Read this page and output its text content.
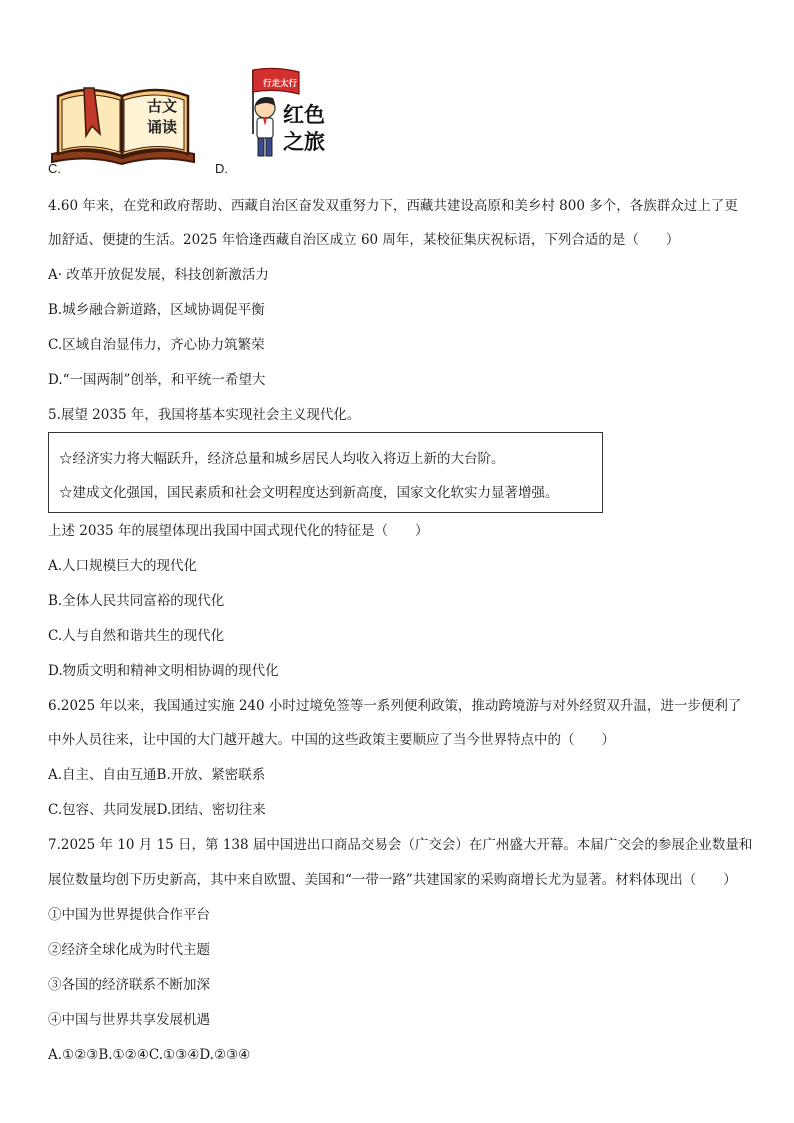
古文
诵读
C.
行走太行
红色
之旅
D.
4.60 年来，在党和政府帮助、西藏自治区奋发双重努力下，西藏共建设高原和美乡村 800 多个，各族群众过上了更
加舒适、便捷的生活。2025 年恰逢西藏自治区成立 60 周年，某校征集庆祝标语，下列合适的是（　　）
A· 改革开放促发展，科技创新激活力
B.城乡融合新道路，区域协调促平衡
C.区域自治显伟力，齐心协力筑繁荣
D.“一国两制”创举，和平统一希望大
5.展望 2035 年，我国将基本实现社会主义现代化。
☆经济实力将大幅跃升，经济总量和城乡居民人均收入将迈上新的大台阶。
☆建成文化强国，国民素质和社会文明程度达到新高度，国家文化软实力显著增强。
上述 2035 年的展望体现出我国中国式现代化的特征是（　　）
A.人口规模巨大的现代化
B.全体人民共同富裕的现代化
C.人与自然和谐共生的现代化
D.物质文明和精神文明相协调的现代化
6.2025 年以来，我国通过实施 240 小时过境免签等一系列便利政策，推动跨境游与对外经贸双升温，进一步便利了
中外人员往来，让中国的大门越开越大。中国的这些政策主要顺应了当今世界特点中的（　　）
A.自主、自由互通B.开放、紧密联系
C.包容、共同发展D.团结、密切往来
7.2025 年 10 月 15 日，第 138 届中国进出口商品交易会（广交会）在广州盛大开幕。本届广交会的参展企业数量和
展位数量均创下历史新高，其中来自欧盟、美国和“一带一路”共建国家的采购商增长尤为显著。材料体现出（　　）
①中国为世界提供合作平台
②经济全球化成为时代主题
③各国的经济联系不断加深
④中国与世界共享发展机遇
A.①②③B.①②④C.①③④D.②③④
